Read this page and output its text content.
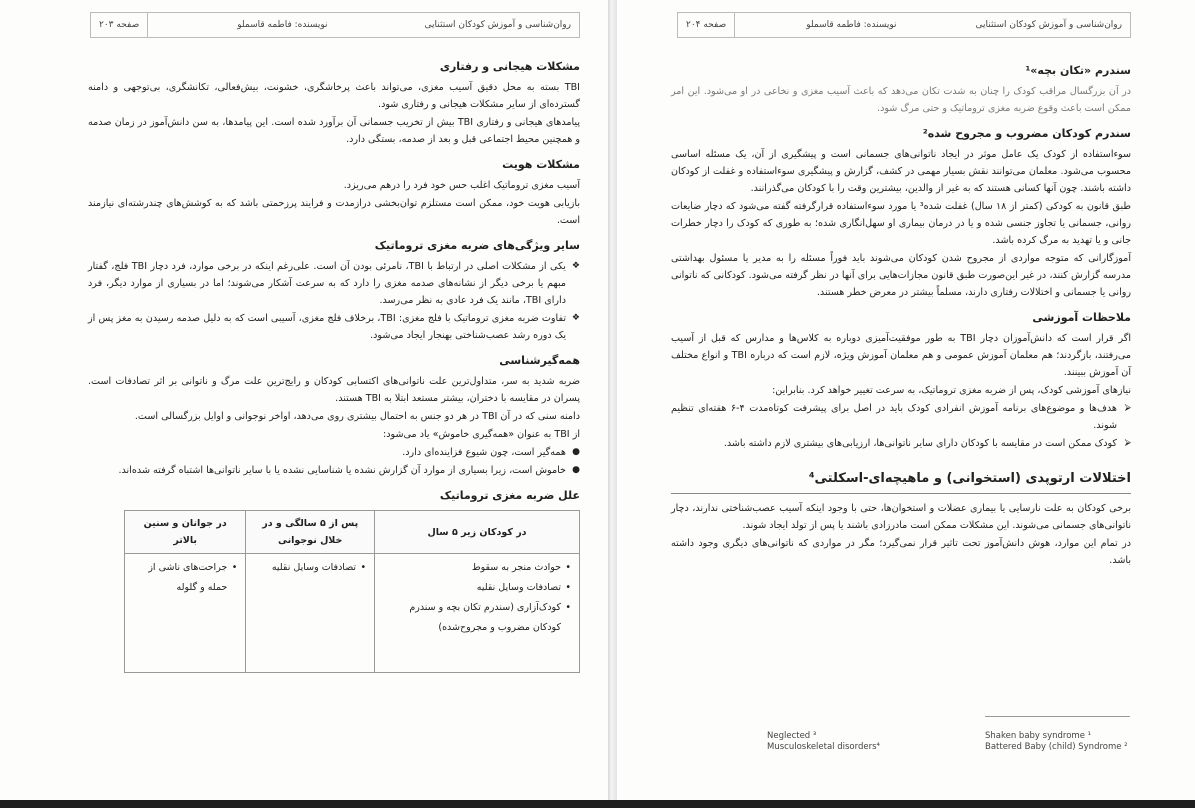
روان‌شناسی و آموزش کودکان استثنایی
نویسنده: فاطمه قاسملو
صفحه ۲۰۳
مشکلات هیجانی و رفتاری

TBI بسته به محل دقیق آسیب مغزی، می‌تواند باعث پرخاشگری، خشونت، بیش‌فعالی، تکانشگری، بی‌توجهی و دامنه گسترده‌ای از سایر مشکلات هیجانی و رفتاری شود.

پیامدهای هیجانی و رفتاری TBI بیش از تخریب جسمانی آن برآورد شده است. این پیامدها، به سن دانش‌آموز در زمان صدمه و همچنین محیط اجتماعی قبل و بعد از صدمه، بستگی دارد.

مشکلات هویت

آسیب مغزی تروماتیک اغلب حس خود فرد را درهم می‌ریزد.

بازیابی هویت خود، ممکن است مستلزم توان‌بخشی درازمدت و فرایند پرزحمتی باشد که به کوشش‌های چندرشته‌ای نیازمند است.

سایر ویژگی‌های ضربه مغزی تروماتیک
❖
یکی از مشکلات اصلی در ارتباط با TBI، نامرئی بودن آن است. علی‌رغم اینکه در برخی موارد، فرد دچار TBI فلج، گفتار مبهم یا برخی دیگر از نشانه‌های صدمه مغزی را دارد که به سرعت آشکار می‌شوند؛ اما در بسیاری از موارد دیگر، فرد دارای TBI، مانند یک فرد عادی به نظر می‌رسد.
❖
تفاوت ضربه مغزی تروماتیک با فلج مغزی: TBI، برخلاف فلج مغزی، آسیبی است که به دلیل صدمه رسیدن به مغز پس از یک دوره رشد عصب‌شناختی بهنجار ایجاد می‌شود.
همه‌گیرشناسی

ضربه شدید به سر، متداول‌ترین علت ناتوانی‌های اکتسابی کودکان و رایج‌ترین علت مرگ و ناتوانی بر اثر تصادفات است. پسران در مقایسه با دختران، بیشتر مستعد ابتلا به TBI هستند.

دامنه سنی که در آن TBI در هر دو جنس به احتمال بیشتری روی می‌دهد، اواخر نوجوانی و اوایل بزرگسالی است.

از TBI به عنوان «همه‌گیری خاموش» یاد می‌شود:

●
همه‌گیر است، چون شیوع فزاینده‌ای دارد.
●
خاموش است، زیرا بسیاری از موارد آن گزارش نشده یا شناسایی نشده یا با سایر ناتوانی‌ها اشتباه گرفته شده‌اند.
علل ضربه مغزی تروماتیک
در کودکان زیر ۵ سال	پس از ۵ سالگی و در خلال نوجوانی	در جوانان و سنین بالاتر

• حوادث منجر به سقوط
• تصادفات وسایل نقلیه
• کودک‌آزاری (سندرم تکان بچه و سندرم کودکان مضروب و مجروح‌شده)	• تصادفات وسایل نقلیه	• جراحت‌های ناشی از حمله و گلوله
روان‌شناسی و آموزش کودکان استثنایی
نویسنده: فاطمه قاسملو
صفحه ۲۰۴
سندرم «تکان بچه»¹

در آن بزرگسال مراقب کودک را چنان به شدت تکان می‌دهد که باعث آسیب مغزی و نخاعی در او می‌شود. این امر ممکن است باعث وقوع ضربه مغزی تروماتیک و حتی مرگ شود.

سندرم کودکان مضروب و مجروح شده²

سوءاستفاده از کودک یک عامل موثر در ایجاد ناتوانی‌های جسمانی است و پیشگیری از آن، یک مسئله اساسی محسوب می‌شود. معلمان می‌توانند نقش بسیار مهمی در کشف، گزارش و پیشگیری سوءاستفاده و غفلت از کودکان داشته باشند. چون آنها کسانی هستند که به غیر از والدین، بیشترین وقت را با کودکان می‌گذرانند.

طبق قانون به کودکی (کمتر از ۱۸ سال) غفلت شده³ یا مورد سوءاستفاده قرارگرفته گفته می‌شود که دچار ضایعات روانی، جسمانی یا تجاوز جنسی شده و یا در درمان بیماری او سهل‌انگاری شده؛ به طوری که کودک را دچار خطرات جانی و یا تهدید به مرگ کرده باشد.

آموزگارانی که متوجه مواردی از مجروح شدن کودکان می‌شوند باید فوراً مسئله را به مدیر یا مسئول بهداشتی مدرسه گزارش کنند، در غیر این‌صورت طبق قانون مجازات‌هایی برای آنها در نظر گرفته می‌شود. کودکانی که ناتوانی روانی یا جسمانی و اختلالات رفتاری دارند، مسلماً بیشتر در معرض خطر هستند.

ملاحظات آموزشی

اگر قرار است که دانش‌آموزان دچار TBI به طور موفقیت‌آمیزی دوباره به کلاس‌ها و مدارس که قبل از آسیب می‌رفتند، بازگردند؛ هم معلمان آموزش عمومی و هم معلمان آموزش ویژه، لازم است که درباره TBI و انواع مختلف آن آموزش ببینند.

نیازهای آموزشی کودک، پس از ضربه مغزی تروماتیک، به سرعت تغییر خواهد کرد. بنابراین:

⮚
هدف‌ها و موضوع‌های برنامه آموزش انفرادی کودک باید در اصل برای پیشرفت کوتاه‌مدت ۴-۶ هفته‌ای تنظیم شوند.
⮚
کودک ممکن است در مقایسه با کودکان دارای سایر ناتوانی‌ها، ارزیابی‌های بیشتری لازم داشته باشد.
اختلالات ارتوپدی (استخوانی) و ماهیچه‌ای-اسکلتی⁴

برخی کودکان به علت نارسایی یا بیماری عضلات و استخوان‌ها، حتی با وجود اینکه آسیب عصب‌شناختی ندارند، دچار ناتوانی‌های جسمانی می‌شوند. این مشکلات ممکن است مادرزادی باشند یا پس از تولد ایجاد شوند.

در تمام این موارد، هوش دانش‌آموز تحت تاثیر قرار نمی‌گیرد؛ مگر در مواردی که ناتوانی‌های دیگری وجود داشته باشد.

Shaken baby syndrome ¹
Battered Baby (child) Syndrome ²
Neglected ³
Musculoskeletal disorders⁴
